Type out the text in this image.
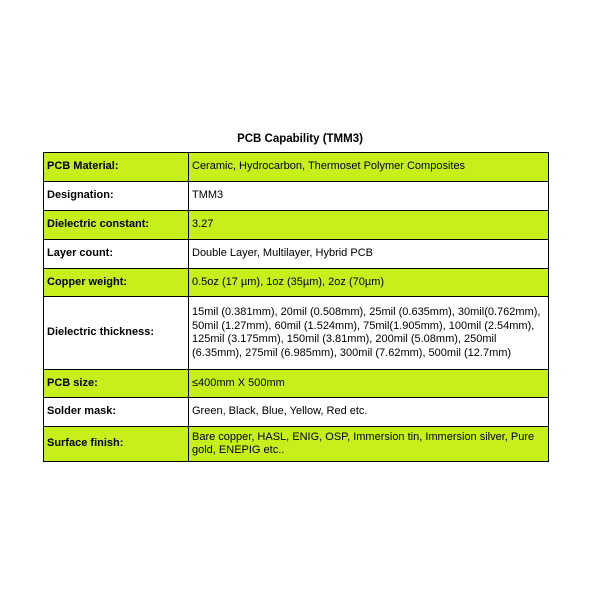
PCB Capability (TMM3)
PCB Material:	Ceramic, Hydrocarbon, Thermoset Polymer Composites
Designation:	TMM3
Dielectric constant:	3.27
Layer count:	Double Layer, Multilayer, Hybrid PCB
Copper weight:	0.5oz (17 µm), 1oz (35µm), 2oz (70µm)
Dielectric thickness:	15mil (0.381mm), 20mil (0.508mm), 25mil (0.635mm), 30mil(0.762mm), 50mil (1.27mm), 60mil (1.524mm), 75mil(1.905mm), 100mil (2.54mm), 125mil (3.175mm), 150mil (3.81mm), 200mil (5.08mm), 250mil (6.35mm), 275mil (6.985mm), 300mil (7.62mm), 500mil (12.7mm)
PCB size:	≤400mm X 500mm
Solder mask:	Green, Black, Blue, Yellow, Red etc.
Surface finish:	Bare copper, HASL, ENIG, OSP, Immersion tin, Immersion silver, Pure gold, ENEPIG etc..
